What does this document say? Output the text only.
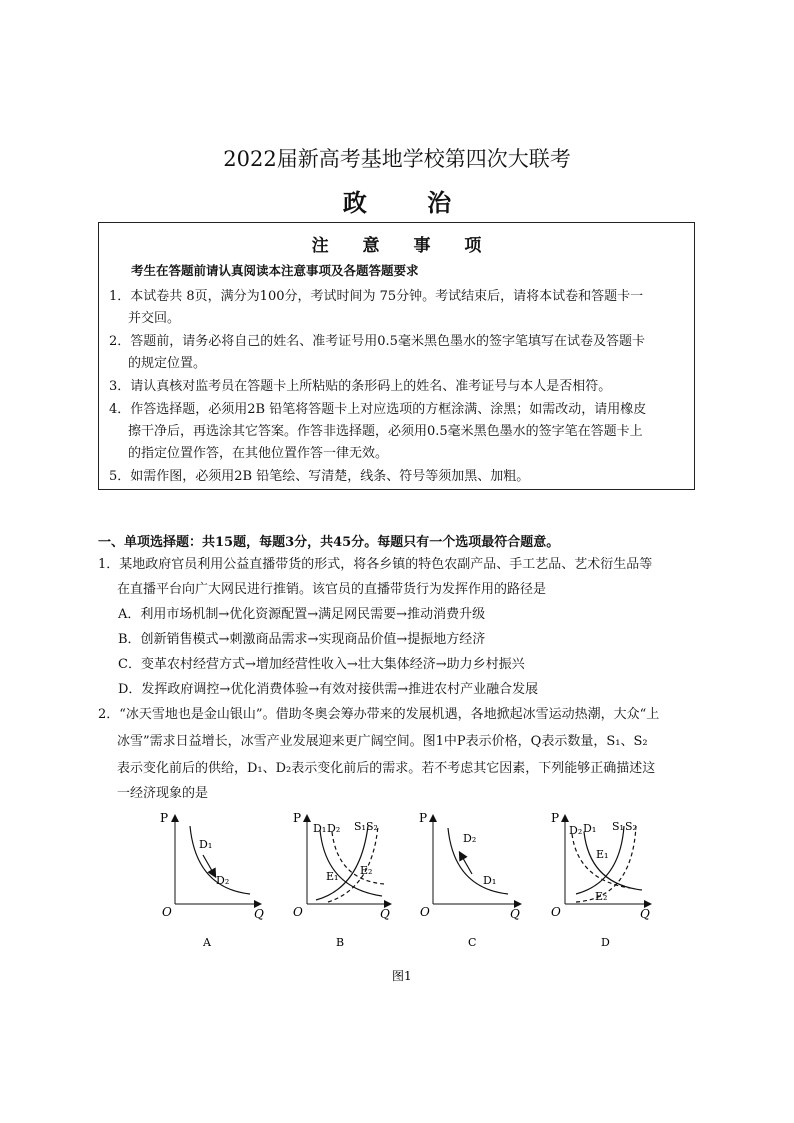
2022届新高考基地学校第四次大联考
政 治
注 意 事 项
考生在答题前请认真阅读本注意事项及各题答题要求
1．本试卷共 8页，满分为100分，考试时间为 75分钟。考试结束后，请将本试卷和答题卡一
并交回。
2．答题前，请务必将自己的姓名、准考证号用0.5毫米黑色墨水的签字笔填写在试卷及答题卡
的规定位置。
3．请认真核对监考员在答题卡上所粘贴的条形码上的姓名、准考证号与本人是否相符。
4．作答选择题，必须用2B 铅笔将答题卡上对应选项的方框涂满、涂黑；如需改动，请用橡皮
擦干净后，再选涂其它答案。作答非选择题，必须用0.5毫米黑色墨水的签字笔在答题卡上
的指定位置作答，在其他位置作答一律无效。
5．如需作图，必须用2B 铅笔绘、写清楚，线条、符号等须加黑、加粗。
一、单项选择题：共15题，每题3分，共45分。每题只有一个选项最符合题意。
1．某地政府官员利用公益直播带货的形式，将各乡镇的特色农副产品、手工艺品、艺术衍生品等
在直播平台向广大网民进行推销。该官员的直播带货行为发挥作用的路径是
A．利用市场机制→优化资源配置→满足网民需要→推动消费升级
B．创新销售模式→刺激商品需求→实现商品价值→提振地方经济
C．变革农村经营方式→增加经营性收入→壮大集体经济→助力乡村振兴
D．发挥政府调控→优化消费体验→有效对接供需→推进农村产业融合发展
2．“冰天雪地也是金山银山”。借助冬奥会筹办带来的发展机遇，各地掀起冰雪运动热潮，大众“上
冰雪”需求日益增长，冰雪产业发展迎来更广阔空间。图1中P表示价格，Q表示数量，S₁、S₂
表示变化前后的供给，D₁、D₂表示变化前后的需求。若不考虑其它因素，下列能够正确描述这
一经济现象的是
P
O	Q
D₁
D₂
A
P
O	Q
D₁ D₂ S₁ S₂
E₁ E₂
B
P
O	Q
D₂
D₁
C
P
O	Q
D₂ D₁ S₁ S₂
E₁
E₂
D
图1
